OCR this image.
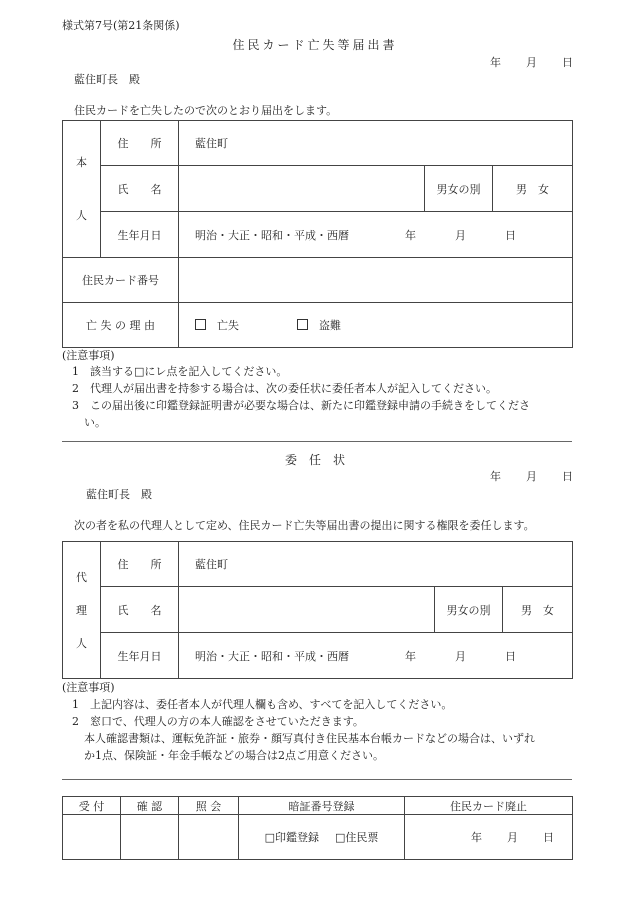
様式第7号(第21条関係)
住民カード亡失等届出書
年 月 日
藍住町長　殿
住民カードを亡失したので次のとおり届出をします。
本
人	住　　所	藍住町		
	氏　　名		男女の別	男　女
	生年月日	明治・大正・昭和・平成・西暦 年 月 日		
住民カード番号				
亡 失 の 理 由		亡失 盗難		
(注意事項)
1　該当する□にレ点を記入してください。
2　代理人が届出書を持参する場合は、次の委任状に委任者本人が記入してください。
3　この届出後に印鑑登録証明書が必要な場合は、新たに印鑑登録申請の手続きをしてくださ
い。
委　任　状
年 月 日
藍住町長　殿
次の者を私の代理人として定め、住民カード亡失等届出書の提出に関する権限を委任します。
代
理
人	住　　所	藍住町		
	氏　　名		男女の別	男　女
	生年月日	明治・大正・昭和・平成・西暦 年 月 日		
(注意事項)
1　上記内容は、委任者本人が代理人欄も含め、すべてを記入してください。
2　窓口で、代理人の方の本人確認をさせていただきます。
本人確認書類は、運転免許証・旅券・顔写真付き住民基本台帳カードなどの場合は、いずれ
か1点、保険証・年金手帳などの場合は2点ご用意ください。
受 付	確 認	照 会	暗証番号登録	住民カード廃止
			□印鑑登録 □住民票	年 月 日
